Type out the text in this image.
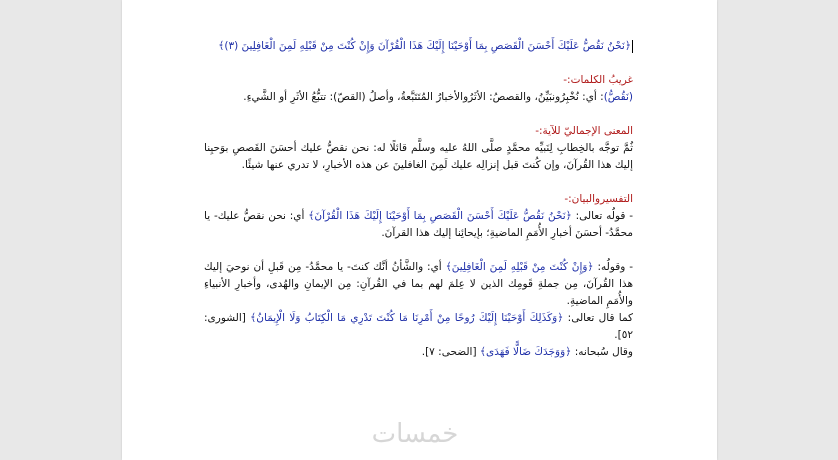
﴿نَحْنُ نَقُصُّ عَلَيْكَ أَحْسَنَ الْقَصَصِ بِمَا أَوْحَيْنَا إِلَيْكَ هَذَا الْقُرْآنَ وَإِنْ كُنْتَ مِنْ قَبْلِهِ لَمِنَ الْغَافِلِينَ (٣)﴾

غريبُ الكلمات:-

(نَقُصُّ): أي: نُخْبِرُونبَيِّنُ، والقصصُ: الأثَرُوالأخبارُ المُتَتَبَّعةُ، وأصلُ (القصّ): تتبُّعُ الأثَرِ أو الشَّيءِ.

المعنى الإجماليّ للآية:-

ثُمَّ توجَّه بالخِطابِ لِنَبيِّه محمَّدٍ صلَّى اللهُ عليه وسلَّم قائلًا له: نحن نقصُّ عليك أحسَنَ القَصصِ بوَحيِنا إليك هذا القُرآنَ، وإن كُنتَ قبل إنزالِه عليك لَمِنَ الغافلينَ عن هذه الأخبارِ، لا تدري عنها شيئًا.

التفسيروالبيان:-

- قولُه تعالى: ﴿نَحْنُ نَقُصُّ عَلَيْكَ أَحْسَنَ الْقَصَصِ بِمَا أَوْحَيْنَا إِلَيْكَ هَذَا الْقُرْآنَ﴾ أي: نحن نقصُّ عليك- يا محمَّدُ- أحسَنَ أخبارِ الأُمَمِ الماضيةِ؛ بإيحائِنا إليك هذا القرآنَ.

- وقولُه: ﴿وَإِنْ كُنْتَ مِنْ قَبْلِهِ لَمِنَ الْغَافِلِينَ﴾ أي: والشَّأنُ أنَّك كنتَ- يا محمَّدُ- مِن قَبلِ أن نوحيَ إليك هذا القُرآنَ، مِن جملةِ قَومِك الذين لا عِلمَ لهم بما في القُرآنِ: مِن الإيمانِ والهُدى، وأخبارِ الأنبياءِ والأُمَمِ الماضيةِ.

كما قال تعالى: ﴿وَكَذَلِكَ أَوْحَيْنَا إِلَيْكَ رُوحًا مِنْ أَمْرِنَا مَا كُنْتَ تَدْرِي مَا الْكِتَابُ وَلَا الْإِيمَانُ﴾ [الشورى: ٥٢].

وقال سُبحانه: ﴿وَوَجَدَكَ ضَالًّا فَهَدَى﴾ [الضحى: ٧].

خمسات
